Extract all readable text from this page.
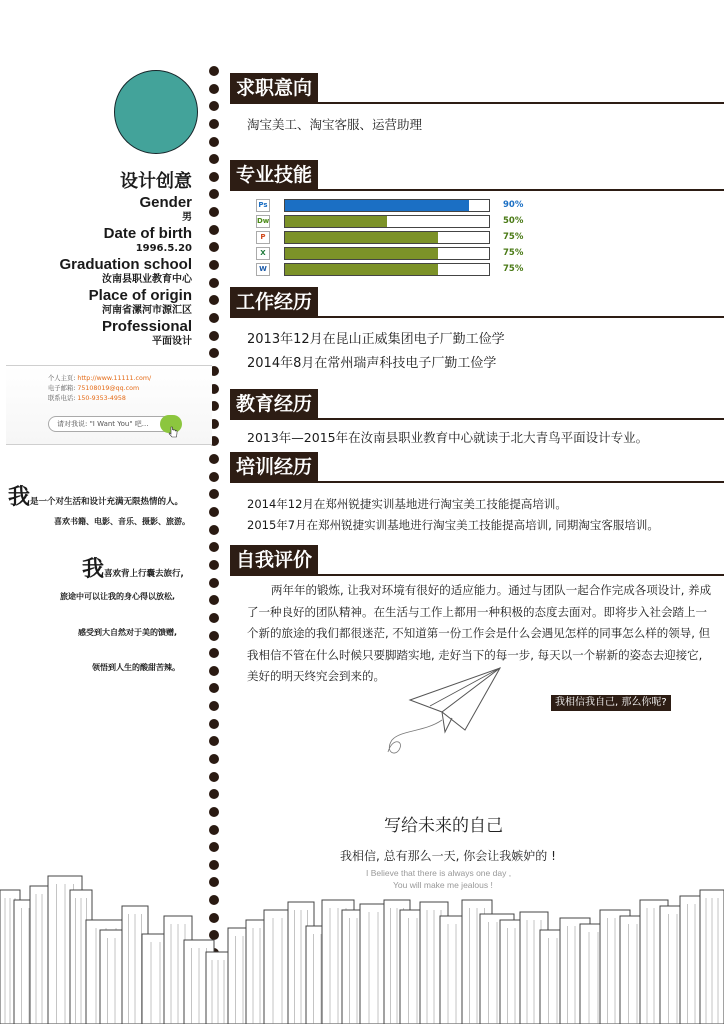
设计创意
Gender
男
Date of birth
1996.5.20
Graduation school
汝南县职业教育中心
Place of origin
河南省漯河市源汇区
Professional
平面设计
个人主页: http://www.11111.com/
电子邮箱: 75108019@qq.com
联系电话: 150-9353-4958
请对我说: "I Want You" 吧...
我是一个对生活和设计充满无限热情的人。
喜欢书籍、电影、音乐、摄影、旅游。
我喜欢背上行囊去旅行,
旅途中可以让我的身心得以放松,
感受到大自然对于美的馈赠,
领悟到人生的酸甜苦辣。
求职意向
淘宝美工、淘宝客服、运营助理
专业技能
Ps	90%
Dw	50%
P	75%
X	75%
W	75%
工作经历
2013年12月在昆山正威集团电子厂勤工俭学
2014年8月在常州瑞声科技电子厂勤工俭学
教育经历
2013年—2015年在汝南县职业教育中心就读于北大青鸟平面设计专业。
培训经历
2014年12月在郑州锐捷实训基地进行淘宝美工技能提高培训。
2015年7月在郑州锐捷实训基地进行淘宝美工技能提高培训, 同期淘宝客服培训。
自我评价
两年年的锻炼, 让我对环境有很好的适应能力。通过与团队一起合作完成各项设计, 养成了一种良好的团队精神。在生活与工作上都用一种积极的态度去面对。即将步入社会踏上一个新的旅途的我们都很迷茫, 不知道第一份工作会是什么会遇见怎样的同事怎么样的领导, 但我相信不管在什么时候只要脚踏实地, 走好当下的每一步, 每天以一个崭新的姿态去迎接它, 美好的明天终究会到来的。
我相信我自己, 那么你呢?
写给未来的自己
我相信, 总有那么一天, 你会让我嫉妒的 !
I Believe that there is always one day ,
You will make me jealous !
